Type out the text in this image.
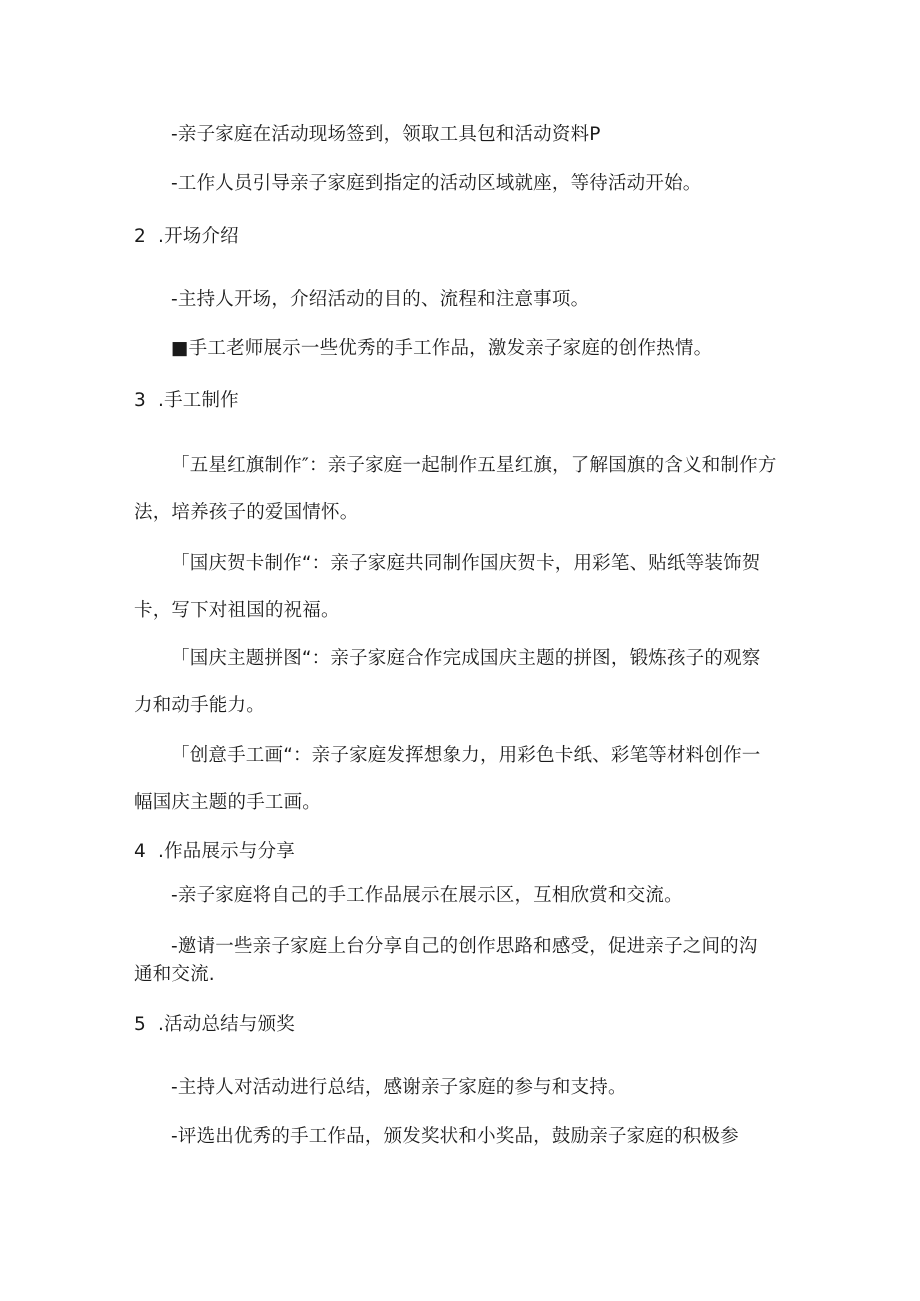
-亲子家庭在活动现场签到，领取工具包和活动资料P
-工作人员引导亲子家庭到指定的活动区域就座，等待活动开始。
2 .开场介绍
-主持人开场，介绍活动的目的、流程和注意事项。
■手工老师展示一些优秀的手工作品，激发亲子家庭的创作热情。
3 .手工制作
「五星红旗制作″：亲子家庭一起制作五星红旗，了解国旗的含义和制作方
法，培养孩子的爱国情怀。
「国庆贺卡制作“：亲子家庭共同制作国庆贺卡，用彩笔、贴纸等装饰贺
卡，写下对祖国的祝福。
「国庆主题拼图“：亲子家庭合作完成国庆主题的拼图，锻炼孩子的观察
力和动手能力。
「创意手工画“：亲子家庭发挥想象力，用彩色卡纸、彩笔等材料创作一
幅国庆主题的手工画。
4 .作品展示与分享
-亲子家庭将自己的手工作品展示在展示区，互相欣赏和交流。
-邀请一些亲子家庭上台分享自己的创作思路和感受，促进亲子之间的沟
通和交流.
5 .活动总结与颁奖
-主持人对活动进行总结，感谢亲子家庭的参与和支持。
-评选出优秀的手工作品，颁发奖状和小奖品，鼓励亲子家庭的积极参
